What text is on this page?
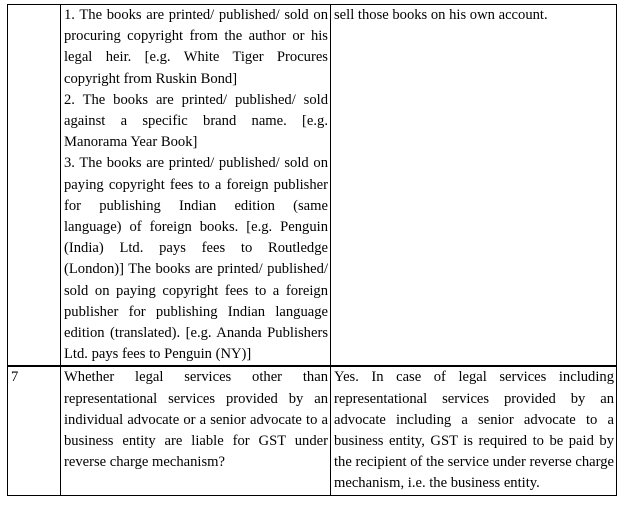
	1. The books are printed/ published/ sold on procuring copyright from the author or his legal heir. [e.g. White Tiger Procures copyright from Ruskin Bond]

2. The books are printed/ published/ sold against a specific brand name. [e.g. Manorama Year Book]

3. The books are printed/ published/ sold on paying copyright fees to a foreign publisher for publishing Indian edition (same language) of foreign books. [e.g. Penguin (India) Ltd. pays fees to Routledge (London)] The books are printed/ published/ sold on paying copyright fees to a foreign publisher for publishing Indian language edition (translated). [e.g. Ananda Publishers Ltd. pays fees to Penguin (NY)]	sell those books on his own account.
7	Whether legal services other than representational services provided by an individual advocate or a senior advocate to a business entity are liable for GST under reverse charge mechanism?	Yes. In case of legal services including representational services provided by an advocate including a senior advocate to a business entity, GST is required to be paid by the recipient of the service under reverse charge mechanism, i.e. the business entity.
